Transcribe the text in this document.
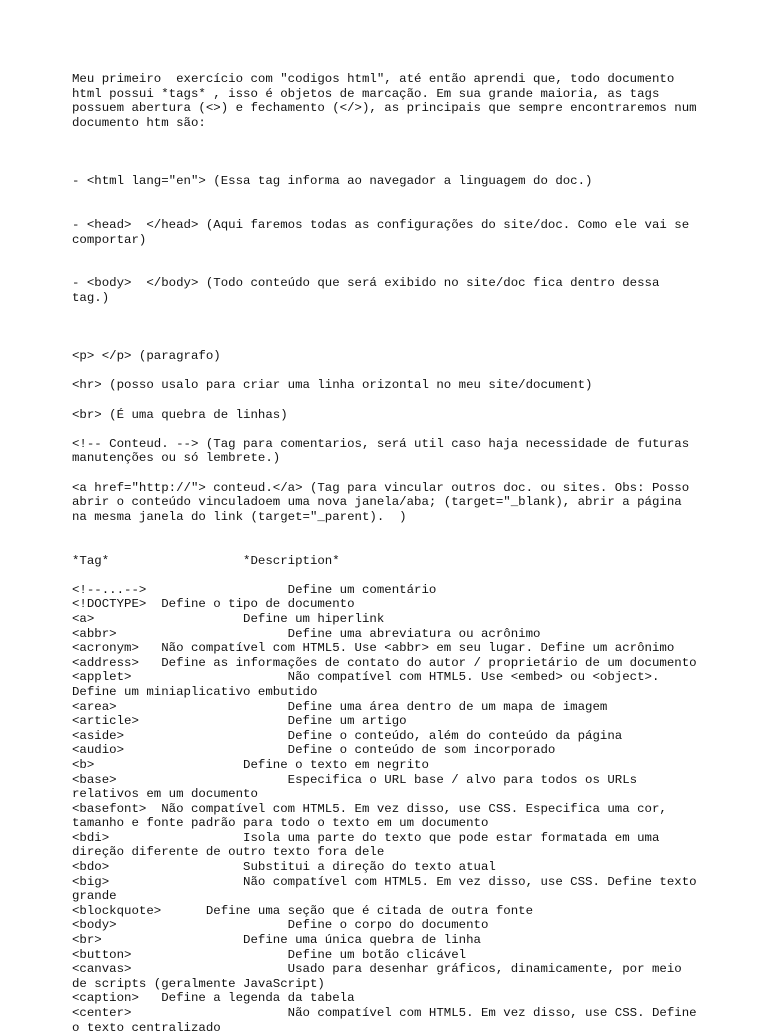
Meu primeiro  exercício com "codigos html", até então aprendi que, todo documento html possui *tags* , isso é objetos de marcação. Em sua grande maioria, as tags possuem abertura (<>) e fechamento (</>), as principais que sempre encontraremos num documento htm são:

- <html lang="en"> (Essa tag informa ao navegador a linguagem do doc.)

- <head>  </head> (Aqui faremos todas as configurações do site/doc. Como ele vai se comportar)

- <body>  </body> (Todo conteúdo que será exibido no site/doc fica dentro dessa tag.)

<p> </p> (paragrafo)
<hr> (posso usalo para criar uma linha orizontal no meu site/document)
<br> (É uma quebra de linhas)
<!-- Conteud. --> (Tag para comentarios, será util caso haja necessidade de futuras manutenções ou só lembrete.)
<a href="http://"> conteud.</a> (Tag para vincular outros doc. ou sites. Obs: Posso abrir o conteúdo vinculadoem uma nova janela/aba; (target="_blank), abrir a página na mesma janela do link (target="_parent).  )
*Tag*                  *Description*
<!--...-->                   Define um comentário
<!DOCTYPE>  Define o tipo de documento
<a>                    Define um hiperlink
<abbr>                       Define uma abreviatura ou acrônimo
<acronym>   Não compatível com HTML5. Use <abbr> em seu lugar. Define um acrônimo
<address>   Define as informações de contato do autor / proprietário de um documento
<applet>                     Não compatível com HTML5. Use <embed> ou <object>. Define um miniaplicativo embutido
<area>                       Define uma área dentro de um mapa de imagem
<article>                    Define um artigo
<aside>                      Define o conteúdo, além do conteúdo da página
<audio>                      Define o conteúdo de som incorporado
<b>                    Define o texto em negrito
<base>                       Especifica o URL base / alvo para todos os URLs relativos em um documento
<basefont>  Não compatível com HTML5. Em vez disso, use CSS. Especifica uma cor, tamanho e fonte padrão para todo o texto em um documento
<bdi>                  Isola uma parte do texto que pode estar formatada em uma direção diferente de outro texto fora dele
<bdo>                  Substitui a direção do texto atual
<big>                  Não compatível com HTML5. Em vez disso, use CSS. Define texto grande
<blockquote>      Define uma seção que é citada de outra fonte
<body>                       Define o corpo do documento
<br>                   Define uma única quebra de linha
<button>                     Define um botão clicável
<canvas>                     Usado para desenhar gráficos, dinamicamente, por meio de scripts (geralmente JavaScript)
<caption>   Define a legenda da tabela
<center>                     Não compatível com HTML5. Em vez disso, use CSS. Define o texto centralizado
